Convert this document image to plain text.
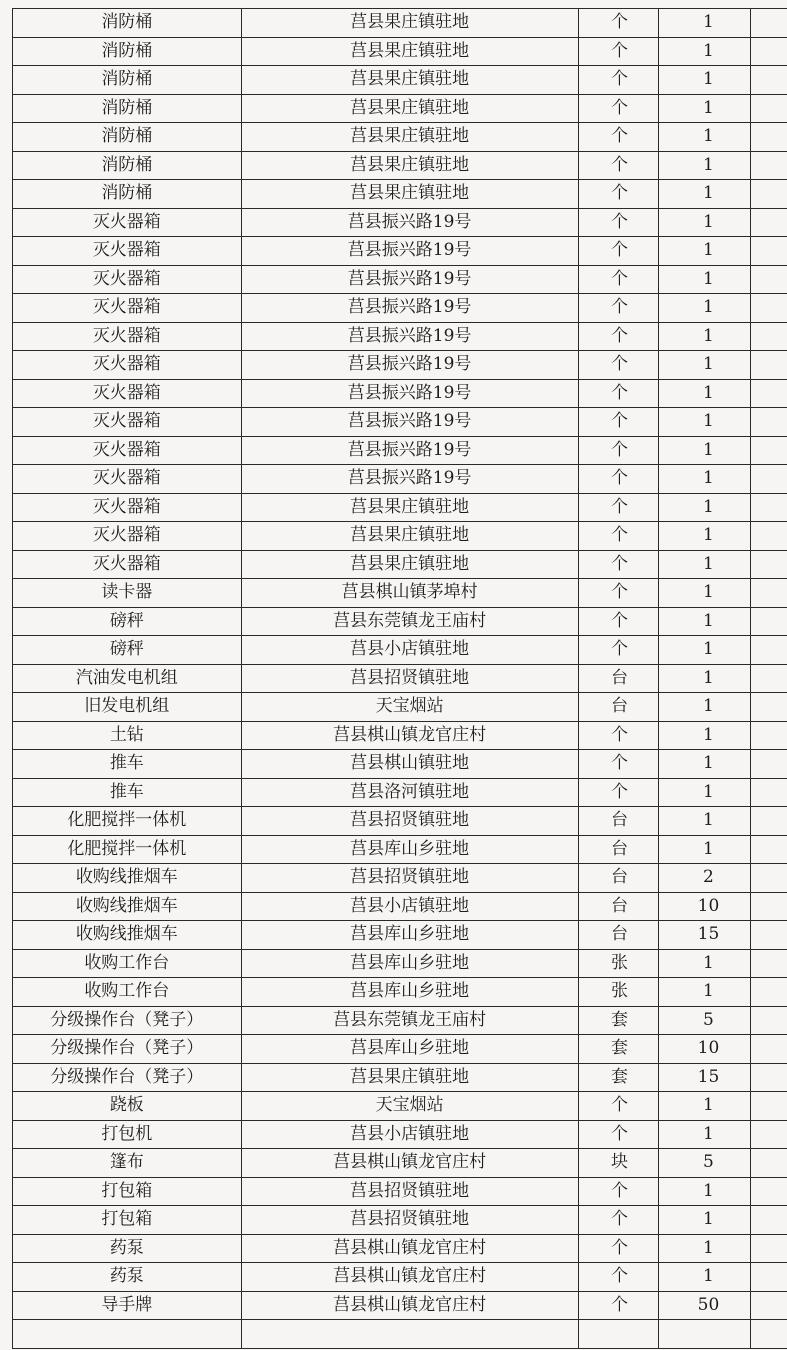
消防桶	莒县果庄镇驻地	个	1	
消防桶	莒县果庄镇驻地	个	1	
消防桶	莒县果庄镇驻地	个	1	
消防桶	莒县果庄镇驻地	个	1	
消防桶	莒县果庄镇驻地	个	1	
消防桶	莒县果庄镇驻地	个	1	
消防桶	莒县果庄镇驻地	个	1	
灭火器箱	莒县振兴路19号	个	1	
灭火器箱	莒县振兴路19号	个	1	
灭火器箱	莒县振兴路19号	个	1	
灭火器箱	莒县振兴路19号	个	1	
灭火器箱	莒县振兴路19号	个	1	
灭火器箱	莒县振兴路19号	个	1	
灭火器箱	莒县振兴路19号	个	1	
灭火器箱	莒县振兴路19号	个	1	
灭火器箱	莒县振兴路19号	个	1	
灭火器箱	莒县振兴路19号	个	1	
灭火器箱	莒县果庄镇驻地	个	1	
灭火器箱	莒县果庄镇驻地	个	1	
灭火器箱	莒县果庄镇驻地	个	1	
读卡器	莒县棋山镇茅埠村	个	1	
磅秤	莒县东莞镇龙王庙村	个	1	
磅秤	莒县小店镇驻地	个	1	
汽油发电机组	莒县招贤镇驻地	台	1	
旧发电机组	天宝烟站	台	1	
土钻	莒县棋山镇龙官庄村	个	1	
推车	莒县棋山镇驻地	个	1	
推车	莒县洛河镇驻地	个	1	
化肥搅拌一体机	莒县招贤镇驻地	台	1	
化肥搅拌一体机	莒县库山乡驻地	台	1	
收购线推烟车	莒县招贤镇驻地	台	2	
收购线推烟车	莒县小店镇驻地	台	10	
收购线推烟车	莒县库山乡驻地	台	15	
收购工作台	莒县库山乡驻地	张	1	
收购工作台	莒县库山乡驻地	张	1	
分级操作台（凳子）	莒县东莞镇龙王庙村	套	5	
分级操作台（凳子）	莒县库山乡驻地	套	10	
分级操作台（凳子）	莒县果庄镇驻地	套	15	
跷板	天宝烟站	个	1	
打包机	莒县小店镇驻地	个	1	
篷布	莒县棋山镇龙官庄村	块	5	
打包箱	莒县招贤镇驻地	个	1	
打包箱	莒县招贤镇驻地	个	1	
药泵	莒县棋山镇龙官庄村	个	1	
药泵	莒县棋山镇龙官庄村	个	1	
导手牌	莒县棋山镇龙官庄村	个	50	
